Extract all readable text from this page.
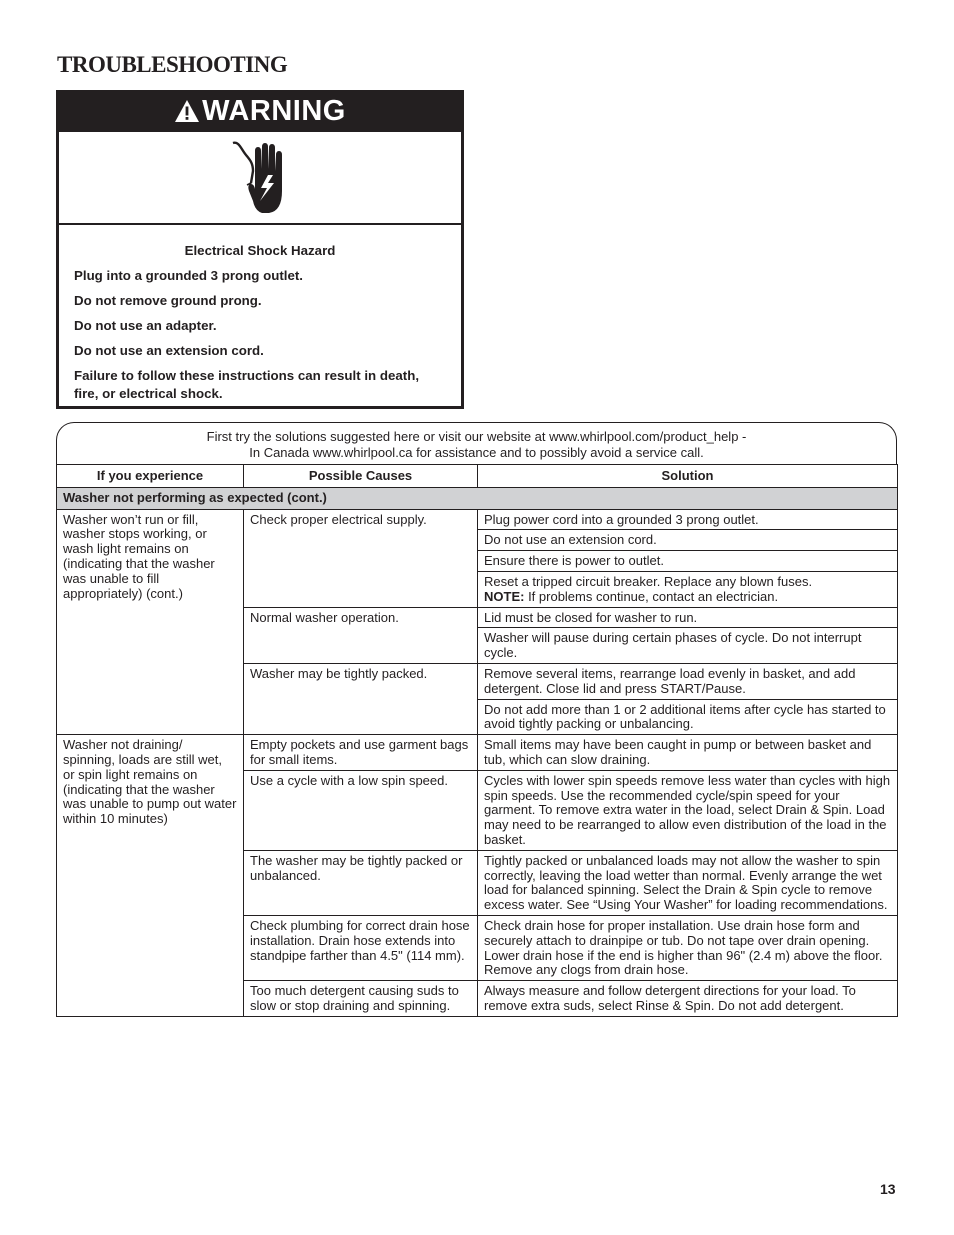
TROUBLESHOOTING
WARNING

Electrical Shock Hazard

Plug into a grounded 3 prong outlet.

Do not remove ground prong.

Do not use an adapter.

Do not use an extension cord.

Failure to follow these instructions can result in death, fire, or electrical shock.

First try the solutions suggested here or visit our website at www.whirlpool.com/product_help -
In Canada www.whirlpool.ca for assistance and to possibly avoid a service call.
If you experience	Possible Causes	Solution
Washer not performing as expected (cont.)		
Washer won’t run or fill, washer stops working, or wash light remains on (indicating that the washer was unable to fill appropriately) (cont.)	Check proper electrical supply.	Plug power cord into a grounded 3 prong outlet.
		Do not use an extension cord.
		Ensure there is power to outlet.
		Reset a tripped circuit breaker. Replace any blown fuses.
NOTE: If problems continue, contact an electrician.
	Normal washer operation.	Lid must be closed for washer to run.
		Washer will pause during certain phases of cycle. Do not interrupt cycle.
	Washer may be tightly packed.	Remove several items, rearrange load evenly in basket, and add detergent. Close lid and press START/Pause.
		Do not add more than 1 or 2 additional items after cycle has started to avoid tightly packing or unbalancing.
Washer not draining/ spinning, loads are still wet, or spin light remains on (indicating that the washer was unable to pump out water within 10 minutes)	Empty pockets and use garment bags for small items.	Small items may have been caught in pump or between basket and tub, which can slow draining.
	Use a cycle with a low spin speed.	Cycles with lower spin speeds remove less water than cycles with high spin speeds. Use the recommended cycle/spin speed for your garment. To remove extra water in the load, select Drain & Spin. Load may need to be rearranged to allow even distribution of the load in the basket.
	The washer may be tightly packed or unbalanced.	Tightly packed or unbalanced loads may not allow the washer to spin correctly, leaving the load wetter than normal. Evenly arrange the wet load for balanced spinning. Select the Drain & Spin cycle to remove excess water. See “Using Your Washer” for loading recommendations.
	Check plumbing for correct drain hose installation. Drain hose extends into standpipe farther than 4.5" (114 mm).	Check drain hose for proper installation. Use drain hose form and securely attach to drainpipe or tub. Do not tape over drain opening. Lower drain hose if the end is higher than 96" (2.4 m) above the floor. Remove any clogs from drain hose.
	Too much detergent causing suds to slow or stop draining and spinning.	Always measure and follow detergent directions for your load. To remove extra suds, select Rinse & Spin. Do not add detergent.
13
